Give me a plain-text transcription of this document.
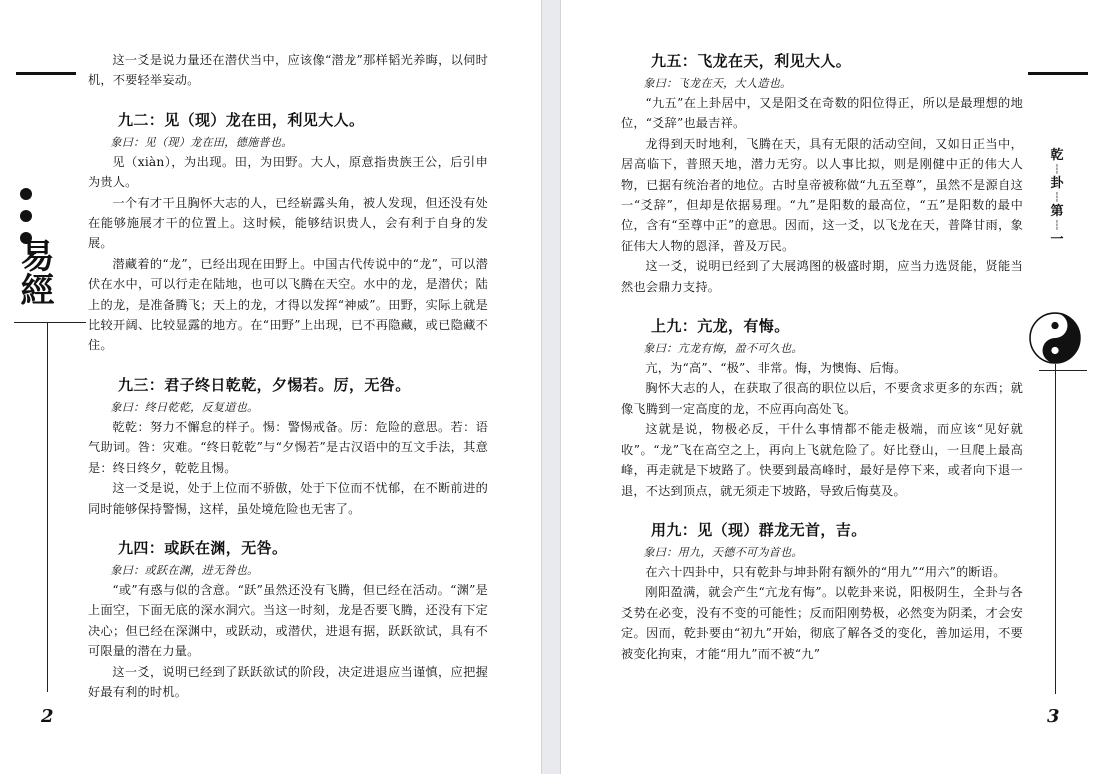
易經

这一爻是说力量还在潜伏当中，应该像“潜龙”那样韬光养晦，以伺时机，不要轻举妄动。

九二：见（现）龙在田，利见大人。

象曰：见（现）龙在田，德施普也。

见（xiàn），为出现。田，为田野。大人，原意指贵族王公，后引申为贵人。

一个有才干且胸怀大志的人，已经崭露头角，被人发现，但还没有处在能够施展才干的位置上。这时候，能够结识贵人，会有利于自身的发展。

潜藏着的“龙”，已经出现在田野上。中国古代传说中的“龙”，可以潜伏在水中，可以行走在陆地，也可以飞腾在天空。水中的龙，是潜伏；陆上的龙，是准备腾飞；天上的龙，才得以发挥“神威”。田野，实际上就是比较开阔、比较显露的地方。在“田野”上出现，已不再隐藏，或已隐藏不住。

九三：君子终日乾乾，夕惕若。厉，无咎。

象曰：终日乾乾，反复道也。

乾乾：努力不懈怠的样子。惕：警惕戒备。厉：危险的意思。若：语气助词。咎：灾难。“终日乾乾”与“夕惕若”是古汉语中的互文手法，其意是：终日终夕，乾乾且惕。

这一爻是说，处于上位而不骄傲，处于下位而不忧郁，在不断前进的同时能够保持警惕，这样，虽处境危险也无害了。

九四：或跃在渊，无咎。

象曰：或跃在渊，进无咎也。

“或”有惑与似的含意。“跃”虽然还没有飞腾，但已经在活动。“渊”是上面空，下面无底的深水洞穴。当这一时刻，龙是否要飞腾，还没有下定决心；但已经在深渊中，或跃动，或潜伏，进退有据，跃跃欲试，具有不可限量的潜在力量。

这一爻，说明已经到了跃跃欲试的阶段，决定进退应当谨慎，应把握好最有利的时机。

2
乾
┆
卦
┆
第
┆
一
九五：飞龙在天，利见大人。

象曰：飞龙在天，大人造也。

“九五”在上卦居中，又是阳爻在奇数的阳位得正，所以是最理想的地位，“爻辞”也最吉祥。

龙得到天时地利，飞腾在天，具有无限的活动空间，又如日正当中，居高临下，普照天地，潜力无穷。以人事比拟，则是刚健中正的伟大人物，已据有统治者的地位。古时皇帝被称做“九五至尊”，虽然不是源自这一“爻辞”，但却是依据易理。“九”是阳数的最高位，“五”是阳数的最中位，含有“至尊中正”的意思。因而，这一爻，以飞龙在天，普降甘雨，象征伟大人物的恩泽，普及万民。

这一爻，说明已经到了大展鸿图的极盛时期，应当力选贤能，贤能当然也会鼎力支持。

上九：亢龙，有悔。

象曰：亢龙有悔，盈不可久也。

亢，为“高”、“极”、非常。悔，为懊悔、后悔。

胸怀大志的人，在获取了很高的职位以后，不要贪求更多的东西；就像飞腾到一定高度的龙，不应再向高处飞。

这就是说，物极必反，干什么事情都不能走极端，而应该“见好就收”。“龙”飞在高空之上，再向上飞就危险了。好比登山，一旦爬上最高峰，再走就是下坡路了。快要到最高峰时，最好是停下来，或者向下退一退，不达到顶点，就无须走下坡路，导致后悔莫及。

用九：见（现）群龙无首，吉。

象曰：用九，天德不可为首也。

在六十四卦中，只有乾卦与坤卦附有额外的“用九”“用六”的断语。

刚阳盈满，就会产生“亢龙有悔”。以乾卦来说，阳极阴生，全卦与各爻势在必变，没有不变的可能性；反而阳刚势极，必然变为阴柔，才会安定。因而，乾卦要由“初九”开始，彻底了解各爻的变化，善加运用，不要被变化拘束，才能“用九”而不被“九”

3
